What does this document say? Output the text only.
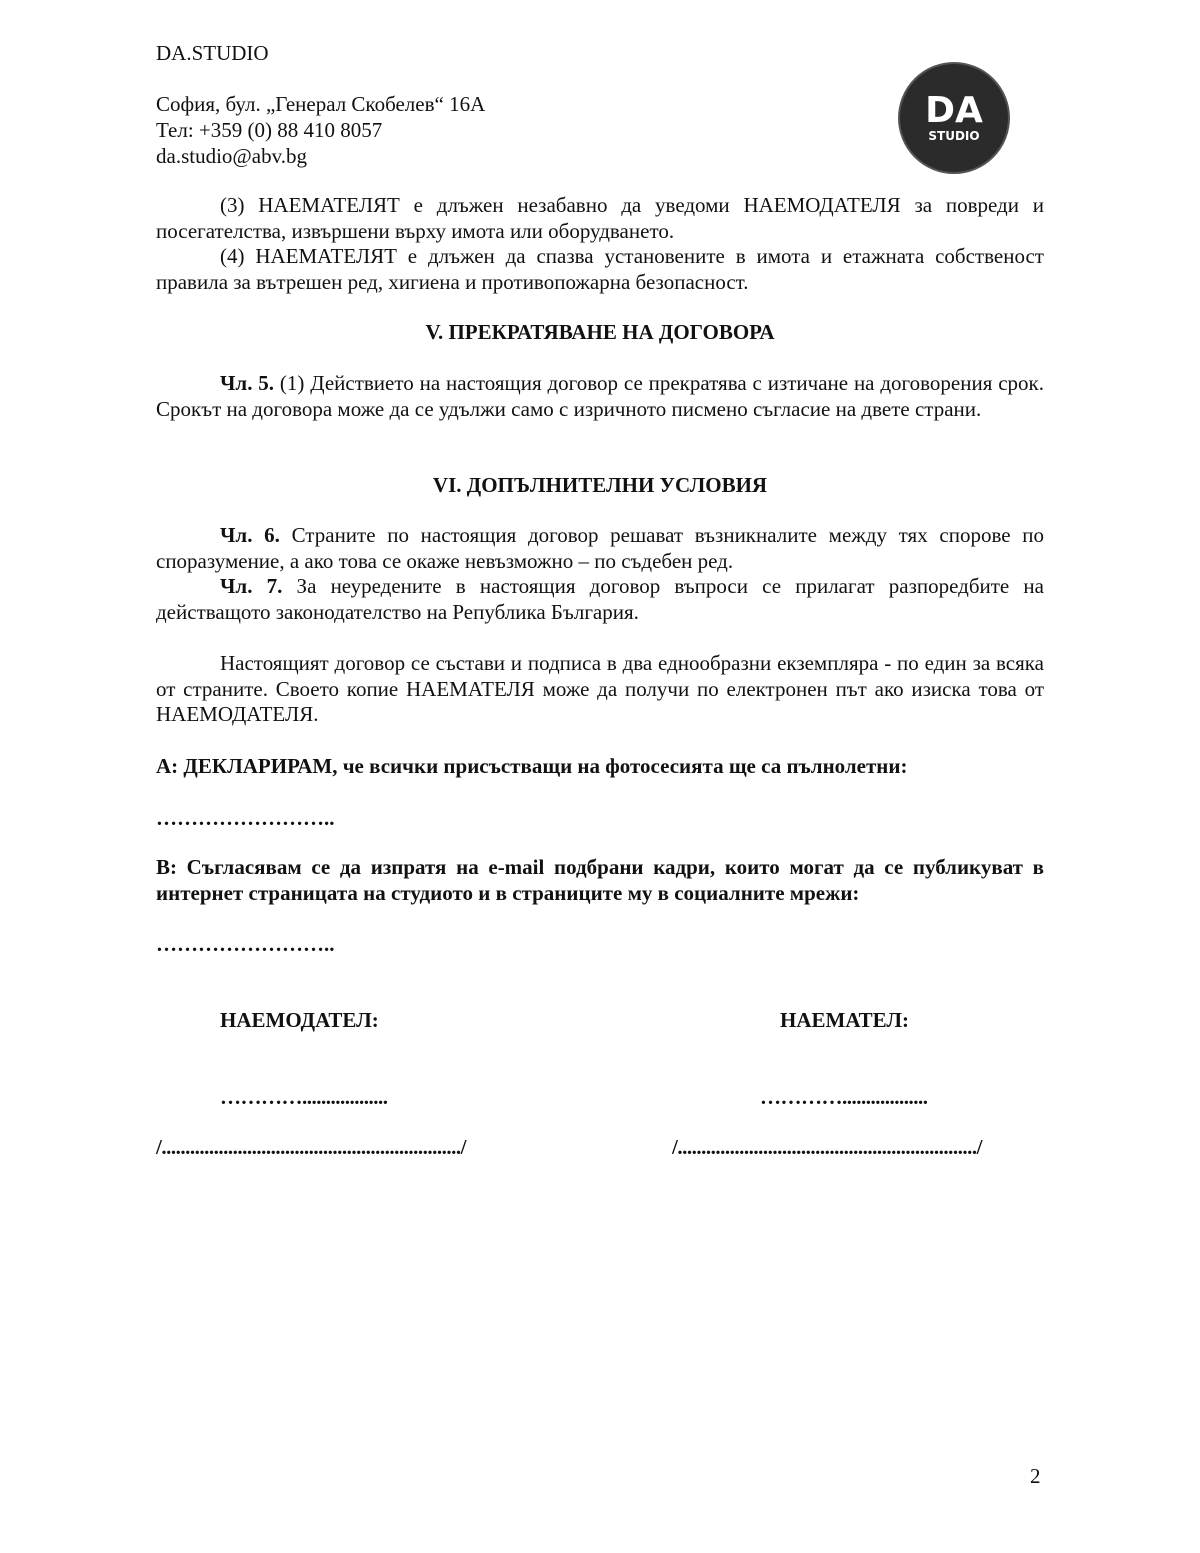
DA.STUDIO
София, бул. „Генерал Скобелев“ 16А
Тел: +359 (0) 88 410 8057
da.studio@abv.bg
DA
STUDIO

(3) НАЕМАТЕЛЯТ е длъжен незабавно да уведоми НАЕМОДАТЕЛЯ за повреди и посегателства, извършени върху имота или оборудването.

(4) НАЕМАТЕЛЯТ е длъжен да спазва установените в имота и етажната собственост правила за вътрешен ред, хигиена и противопожарна безопасност.

V. ПРЕКРАТЯВАНЕ НА ДОГОВОРА

Чл. 5. (1) Действието на настоящия договор се прекратява с изтичане на договорения срок. Срокът на договора може да се удължи само с изричното писмено съгласие на двете страни.

VI. ДОПЪЛНИТЕЛНИ УСЛОВИЯ

Чл. 6. Страните по настоящия договор решават възникналите между тях спорове по споразумение, а ако това се окаже невъзможно – по съдебен ред.

Чл. 7. За неуредените в настоящия договор въпроси се прилагат разпоредбите на действащото законодателство на Република България.

Настоящият договор се състави и подписа в два еднообразни екземпляра - по един за всяка от страните. Своето копие НАЕМАТЕЛЯ може да получи по електронен път ако изиска това от НАЕМОДАТЕЛЯ.

А: ДЕКЛАРИРАМ, че всички присъстващи на фотосесията ще са пълнолетни:
……………………..
В: Съгласявам се да изпратя на e-mail подбрани кадри, които могат да се публикуват в интернет страницата на студиото и в страниците му в социалните мрежи:
……………………..
НАЕМОДАТЕЛ:	НАЕМАТЕЛ:
…………..................	…………..................
/.............................................................../	/.............................................................../
2
